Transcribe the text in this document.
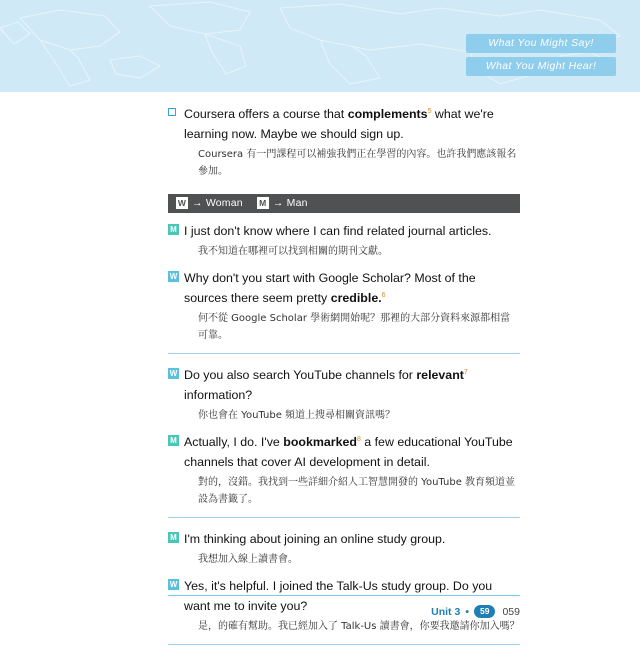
What You Might Say!
What You Might Hear!
Coursera offers a course that complements$^5$ what we're learning now. Maybe we should sign up.
Coursera 有一門課程可以補強我們正在學習的內容。也許我們應該報名參加。
W → Woman M → Man
M I just don't know where I can find related journal articles.
我不知道在哪裡可以找到相關的期刊文獻。
W Why don't you start with Google Scholar? Most of the sources there seem pretty credible.$^6$
何不從 Google Scholar 學術網開始呢？那裡的大部分資料來源都相當可靠。
W Do you also search YouTube channels for relevant$^7$ information?
你也會在 YouTube 頻道上搜尋相關資訊嗎？
M Actually, I do. I've bookmarked$^8$ a few educational YouTube channels that cover AI development in detail.
對的，沒錯。我找到一些詳細介紹人工智慧開發的 YouTube 教育頻道並設為書籤了。
M I'm thinking about joining an online study group.
我想加入線上讀書會。
W Yes, it's helpful. I joined the Talk-Us study group. Do you want me to invite you?
是，的確有幫助。我已經加入了 Talk-Us 讀書會，你要我邀請你加入嗎？
Unit 3 •	59	059
